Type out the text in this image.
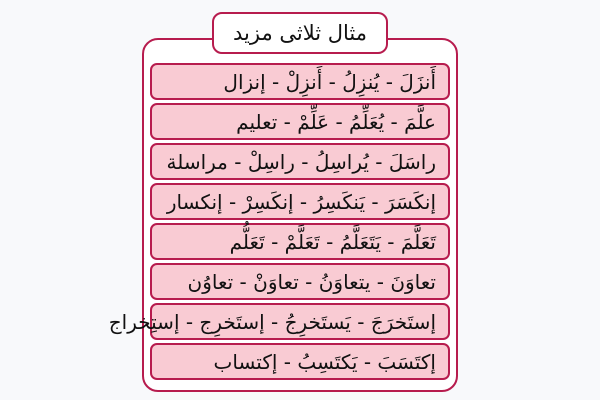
مثال ثلاثى مزيد
أَنزَلَ - يُنزِلُ - أَنزِلْ - إنزال
علَّمَ - يُعَلِّمُ - عَلِّمْ - تعليم
راسَلَ - يُراسِلُ - راسِلْ - مراسلة
إنكَسَرَ - يَنكَسِرُ - إنكَسِرْ - إنكسار
تَعَلَّمَ - يَتَعَلَّمُ - تَعَلَّمْ - تَعَلُّم
تعاوَنَ - يتعاوَنُ - تعاوَنْ - تعاوُن
إستَخرَجَ - يَستَخرِجُ - إستَخرِج - إستِخراج
إكتَسَبَ - يَكتَسِبُ - إكتساب
